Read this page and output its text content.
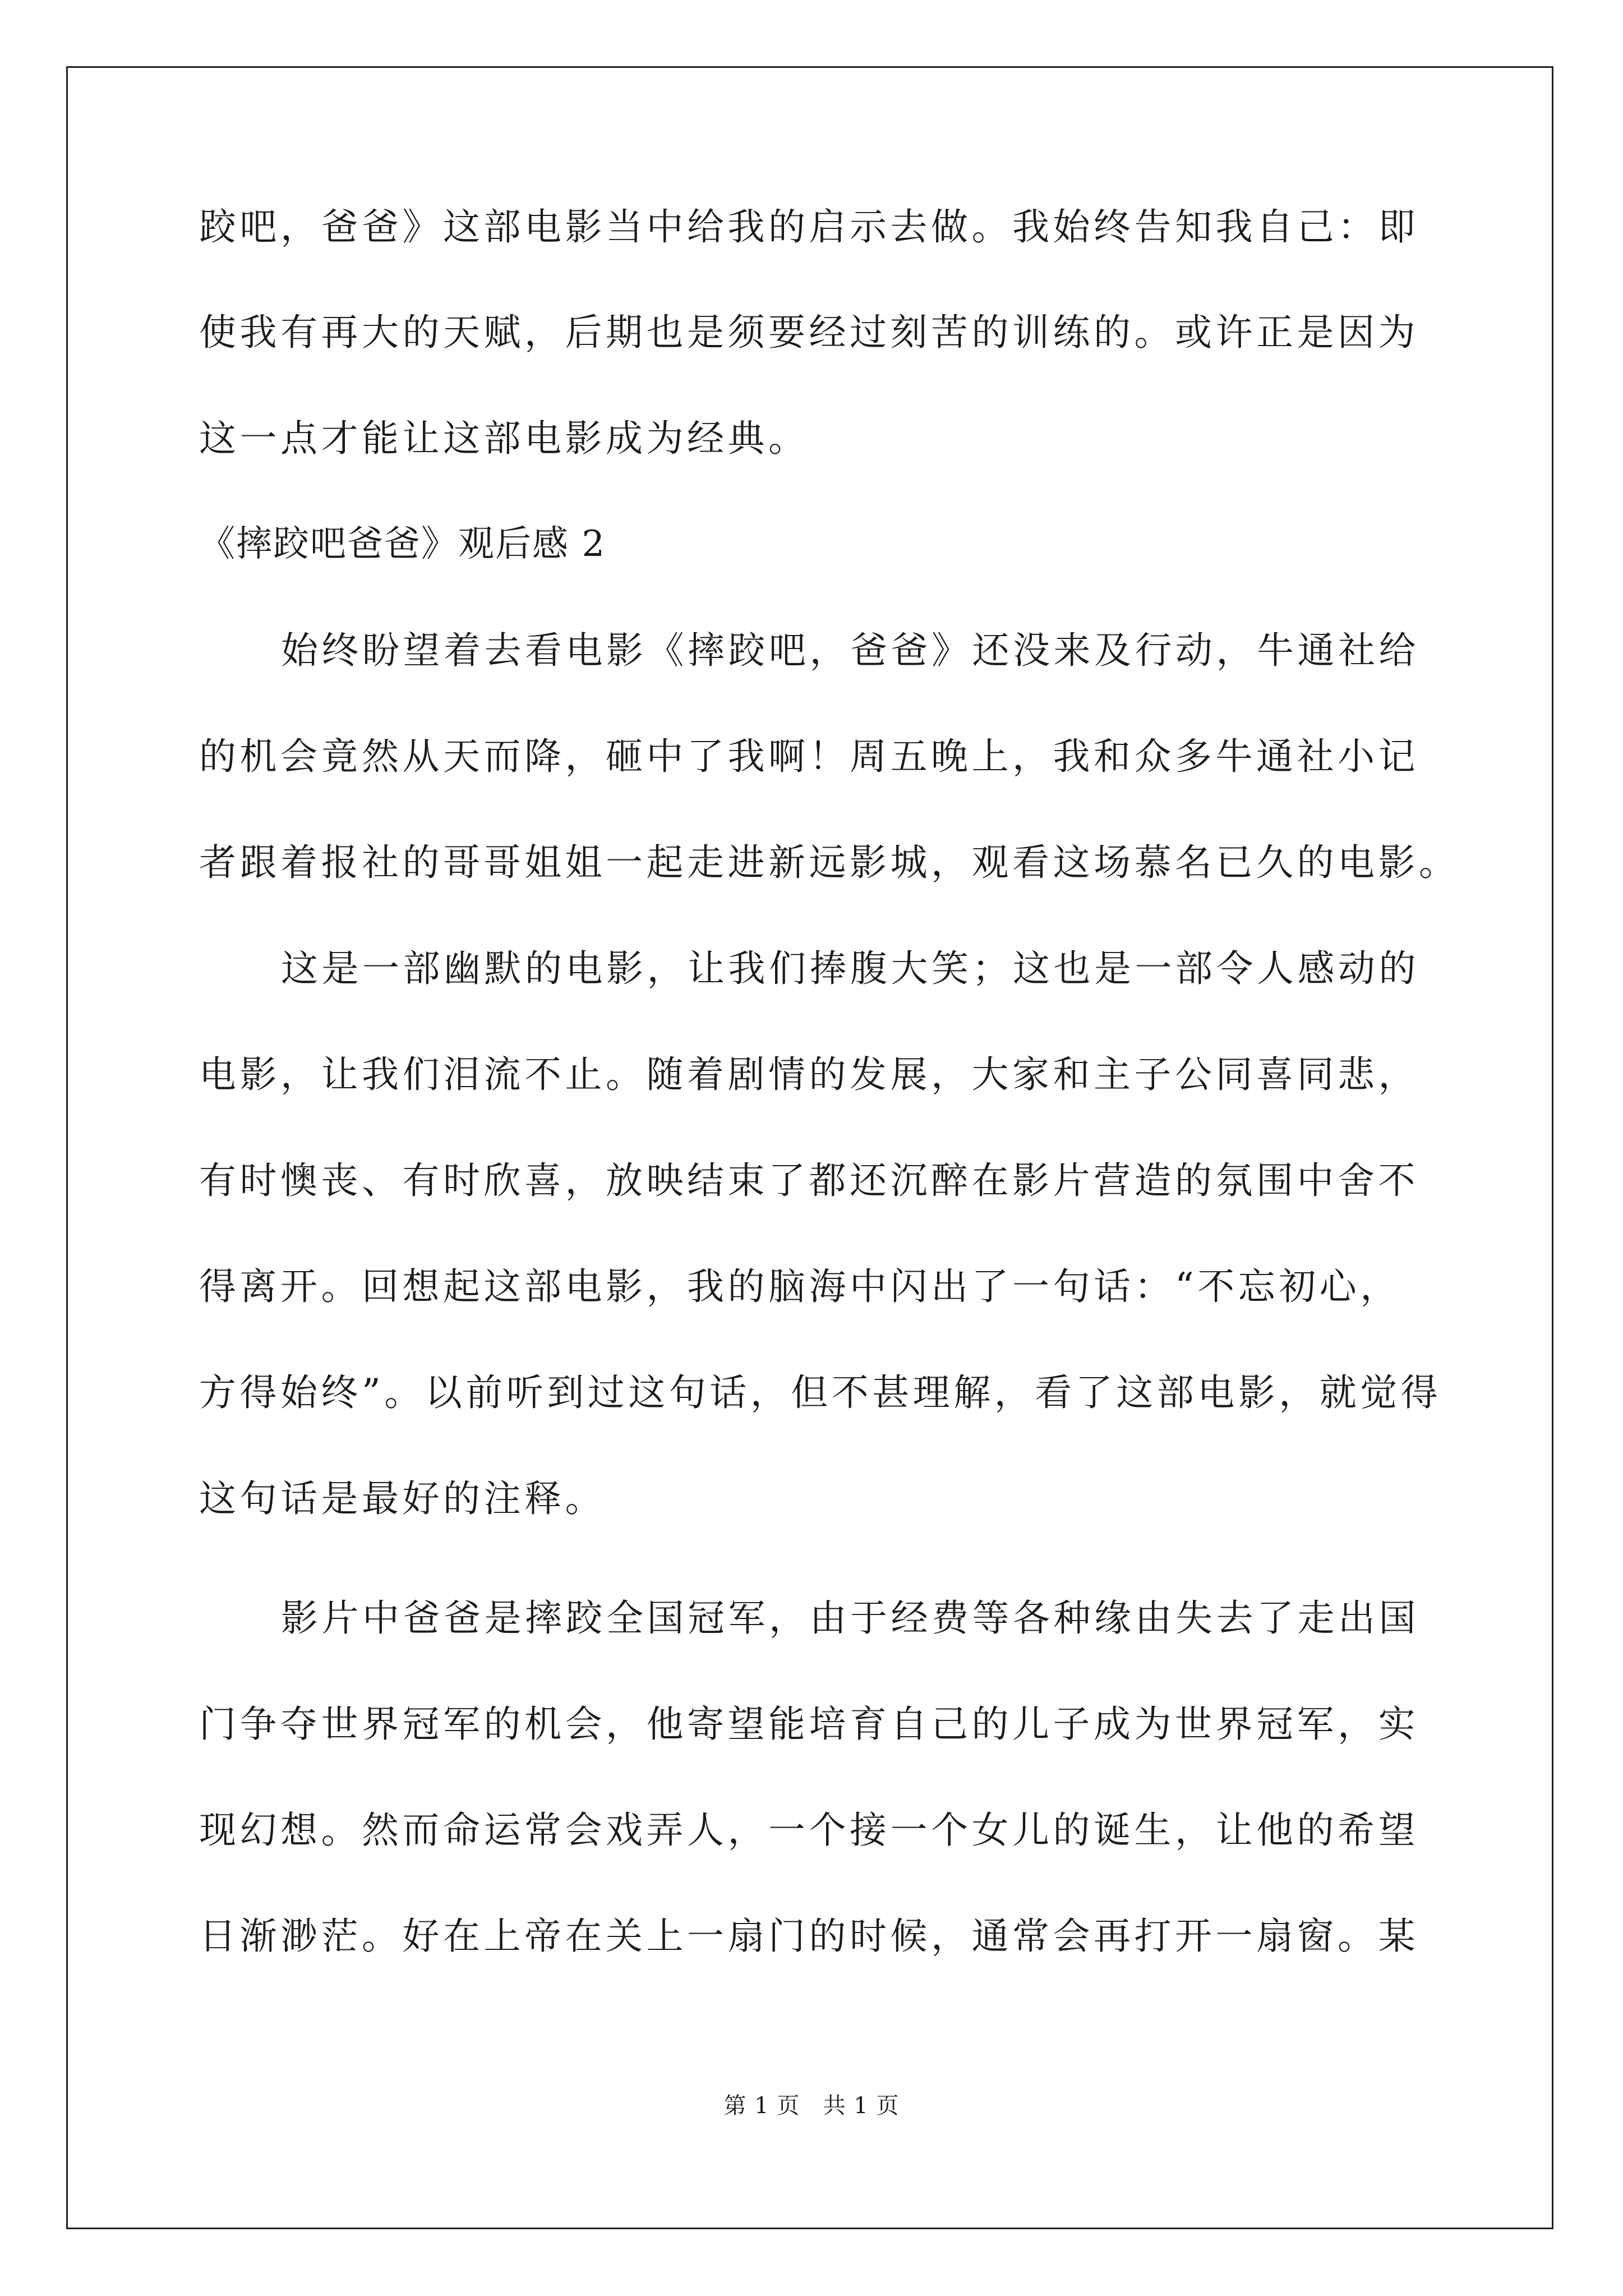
跤吧，爸爸》这部电影当中给我的启示去做。我始终告知我自己：即
使我有再大的天赋，后期也是须要经过刻苦的训练的。或许正是因为
这一点才能让这部电影成为经典。
《摔跤吧爸爸》观后感 2
始终盼望着去看电影《摔跤吧，爸爸》还没来及行动，牛通社给
的机会竟然从天而降，砸中了我啊！周五晚上，我和众多牛通社小记
者跟着报社的哥哥姐姐一起走进新远影城，观看这场慕名已久的电影。
这是一部幽默的电影，让我们捧腹大笑；这也是一部令人感动的
电影，让我们泪流不止。随着剧情的发展，大家和主子公同喜同悲，
有时懊丧、有时欣喜，放映结束了都还沉醉在影片营造的氛围中舍不
得离开。回想起这部电影，我的脑海中闪出了一句话：“不忘初心，
方得始终”。以前听到过这句话，但不甚理解，看了这部电影，就觉得
这句话是最好的注释。
影片中爸爸是摔跤全国冠军，由于经费等各种缘由失去了走出国
门争夺世界冠军的机会，他寄望能培育自己的儿子成为世界冠军，实
现幻想。然而命运常会戏弄人，一个接一个女儿的诞生，让他的希望
日渐渺茫。好在上帝在关上一扇门的时候，通常会再打开一扇窗。某
第 1 页   共 1 页
